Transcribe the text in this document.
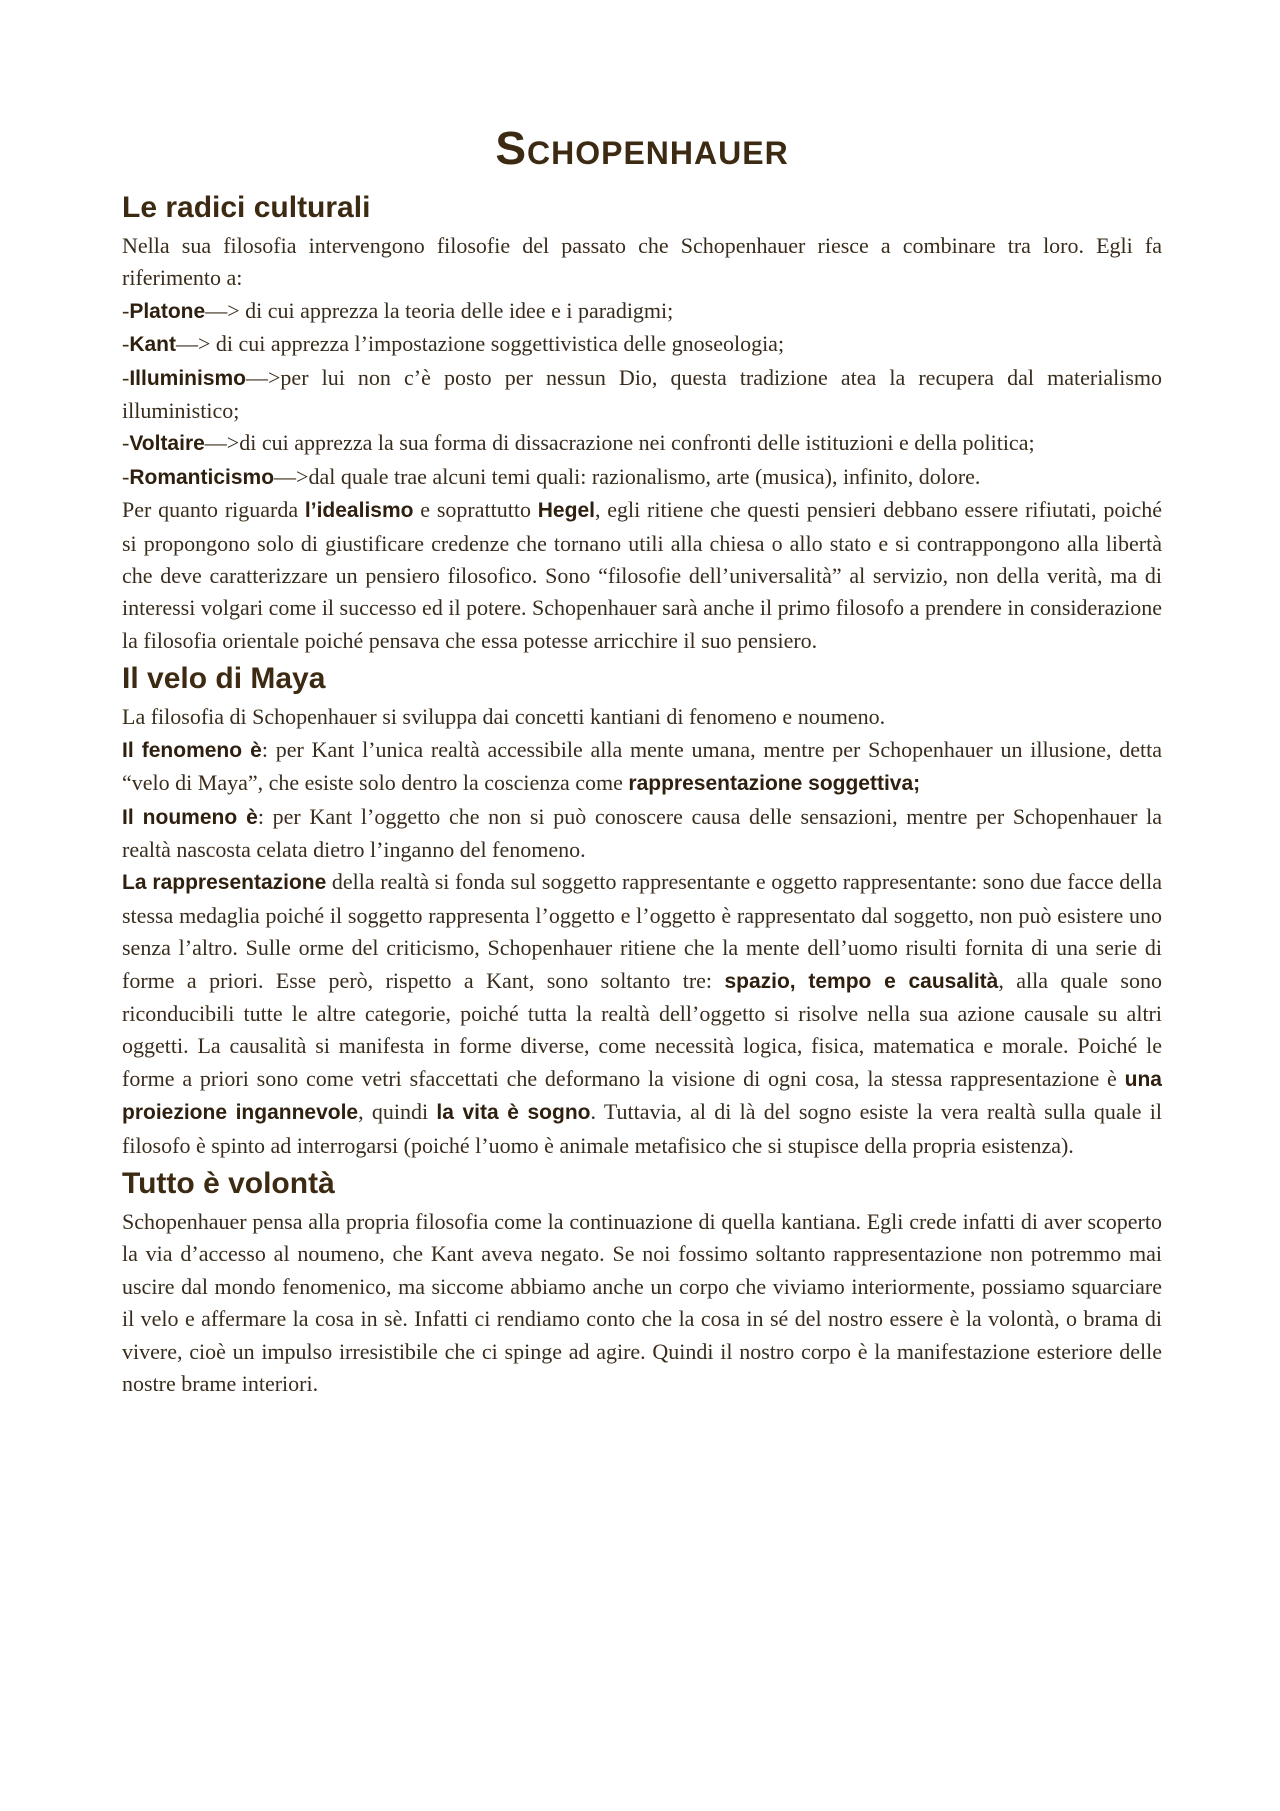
Schopenhauer
Le radici culturali

Nella sua filosofia intervengono filosofie del passato che Schopenhauer riesce a combinare tra loro. Egli fa riferimento a:

-Platone—> di cui apprezza la teoria delle idee e i paradigmi;

-Kant—> di cui apprezza l’impostazione soggettivistica delle gnoseologia;

-Illuminismo—>per lui non c’è posto per nessun Dio, questa tradizione atea la recupera dal materialismo illuministico;

-Voltaire—>di cui apprezza la sua forma di dissacrazione nei confronti delle istituzioni e della politica;

-Romanticismo—>dal quale trae alcuni temi quali: razionalismo, arte (musica), infinito, dolore.

Per quanto riguarda l’idealismo e soprattutto Hegel, egli ritiene che questi pensieri debbano essere rifiutati, poiché si propongono solo di giustificare credenze che tornano utili alla chiesa o allo stato e si contrappongono alla libertà che deve caratterizzare un pensiero filosofico. Sono “filosofie dell’universalità” al servizio, non della verità, ma di interessi volgari come il successo ed il potere. Schopenhauer sarà anche il primo filosofo a prendere in considerazione la filosofia orientale poiché pensava che essa potesse arricchire il suo pensiero.

Il velo di Maya

La filosofia di Schopenhauer si sviluppa dai concetti kantiani di fenomeno e noumeno.

Il fenomeno è: per Kant l’unica realtà accessibile alla mente umana, mentre per Schopenhauer un illusione, detta “velo di Maya”, che esiste solo dentro la coscienza come rappresentazione soggettiva;

Il noumeno è: per Kant l’oggetto che non si può conoscere causa delle sensazioni, mentre per Schopenhauer la realtà nascosta celata dietro l’inganno del fenomeno.

La rappresentazione della realtà si fonda sul soggetto rappresentante e oggetto rappresentante: sono due facce della stessa medaglia poiché il soggetto rappresenta l’oggetto e l’oggetto è rappresentato dal soggetto, non può esistere uno senza l’altro. Sulle orme del criticismo, Schopenhauer ritiene che la mente dell’uomo risulti fornita di una serie di forme a priori. Esse però, rispetto a Kant, sono soltanto tre: spazio, tempo e causalità, alla quale sono riconducibili tutte le altre categorie, poiché tutta la realtà dell’oggetto si risolve nella sua azione causale su altri oggetti. La causalità si manifesta in forme diverse, come necessità logica, fisica, matematica e morale. Poiché le forme a priori sono come vetri sfaccettati che deformano la visione di ogni cosa, la stessa rappresentazione è una proiezione ingannevole, quindi la vita è sogno. Tuttavia, al di là del sogno esiste la vera realtà sulla quale il filosofo è spinto ad interrogarsi (poiché l’uomo è animale metafisico che si stupisce della propria esistenza).

Tutto è volontà

Schopenhauer pensa alla propria filosofia come la continuazione di quella kantiana. Egli crede infatti di aver scoperto la via d’accesso al noumeno, che Kant aveva negato. Se noi fossimo soltanto rappresentazione non potremmo mai uscire dal mondo fenomenico, ma siccome abbiamo anche un corpo che viviamo interiormente, possiamo squarciare il velo e affermare la cosa in sè. Infatti ci rendiamo conto che la cosa in sé del nostro essere è la volontà, o brama di vivere, cioè un impulso irresistibile che ci spinge ad agire. Quindi il nostro corpo è la manifestazione esteriore delle nostre brame interiori.
